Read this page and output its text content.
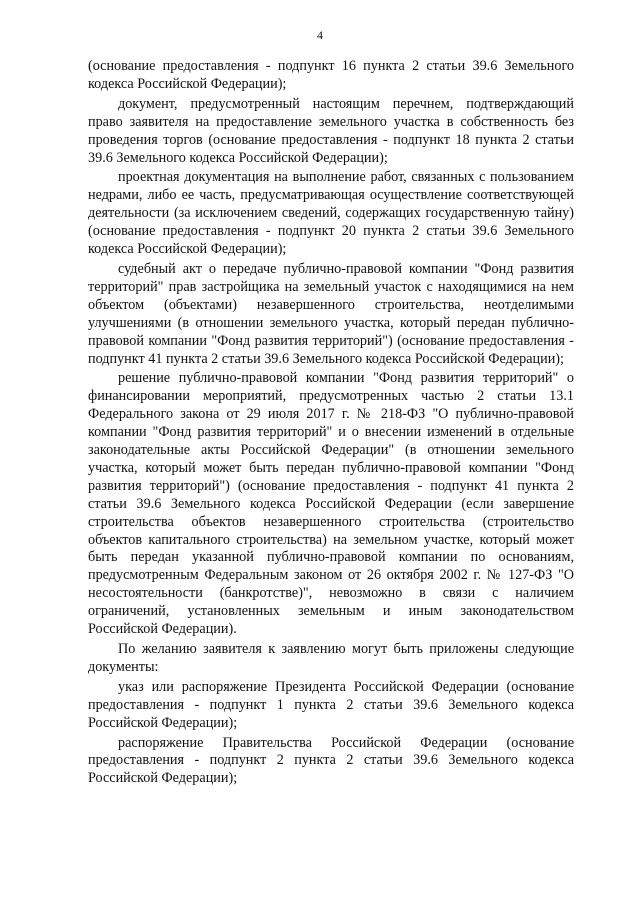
4

(основание предоставления - подпункт 16 пункта 2 статьи 39.6 Земельного кодекса Российской Федерации);

документ, предусмотренный настоящим перечнем, подтверждающий право заявителя на предоставление земельного участка в собственность без проведения торгов (основание предоставления - подпункт 18 пункта 2 статьи 39.6 Земельного кодекса Российской Федерации);

проектная документация на выполнение работ, связанных с пользованием недрами, либо ее часть, предусматривающая осуществление соответствующей деятельности (за исключением сведений, содержащих государственную тайну) (основание предоставления - подпункт 20 пункта 2 статьи 39.6 Земельного кодекса Российской Федерации);

судебный акт о передаче публично-правовой компании "Фонд развития территорий" прав застройщика на земельный участок с находящимися на нем объектом (объектами) незавершенного строительства, неотделимыми улучшениями (в отношении земельного участка, который передан публично-правовой компании "Фонд развития территорий") (основание предоставления - подпункт 41 пункта 2 статьи 39.6 Земельного кодекса Российской Федерации);

решение публично-правовой компании "Фонд развития территорий" о финансировании мероприятий, предусмотренных частью 2 статьи 13.1 Федерального закона от 29 июля 2017 г. № 218-ФЗ "О публично-правовой компании "Фонд развития территорий" и о внесении изменений в отдельные законодательные акты Российской Федерации" (в отношении земельного участка, который может быть передан публично-правовой компании "Фонд развития территорий") (основание предоставления - подпункт 41 пункта 2 статьи 39.6 Земельного кодекса Российской Федерации (если завершение строительства объектов незавершенного строительства (строительство объектов капитального строительства) на земельном участке, который может быть передан указанной публично-правовой компании по основаниям, предусмотренным Федеральным законом от 26 октября 2002 г. № 127-ФЗ "О несостоятельности (банкротстве)", невозможно в связи с наличием ограничений, установленных земельным и иным законодательством Российской Федерации).

По желанию заявителя к заявлению могут быть приложены следующие документы:

указ или распоряжение Президента Российской Федерации (основание предоставления - подпункт 1 пункта 2 статьи 39.6 Земельного кодекса Российской Федерации);

распоряжение Правительства Российской Федерации (основание предоставления - подпункт 2 пункта 2 статьи 39.6 Земельного кодекса Российской Федерации);
